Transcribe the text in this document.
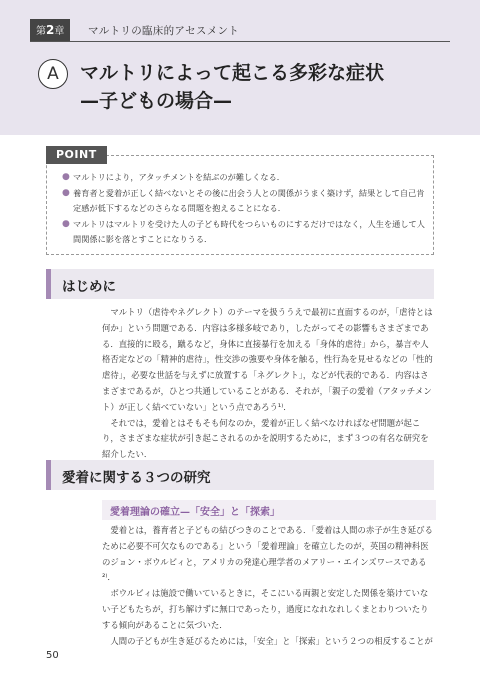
第2章	マルトリの臨床的アセスメント
A	マルトリによって起こる多彩な症状
—子どもの場合—
POINT
● マルトリにより，アタッチメントを結ぶのが難しくなる．
● 養育者と愛着が正しく結べないとその後に出会う人との関係がうまく築けず，結果として自己肯定感が低下するなどのさらなる問題を抱えることになる．
● マルトリはマルトリを受けた人の子ども時代をつらいものにするだけではなく，人生を通して人間関係に影を落とすことになりうる．
はじめに

マルトリ（虐待やネグレクト）のテーマを扱ううえで最初に直面するのが，「虐待とは何か」という問題である．内容は多様多岐であり，したがってその影響もさまざまである．直接的に殴る，蹴るなど，身体に直接暴行を加える「身体的虐待」から，暴言や人格否定などの「精神的虐待」，性交渉の強要や身体を触る，性行為を見せるなどの「性的虐待」，必要な世話を与えずに放置する「ネグレクト」，などが代表的である．内容はさまざまであるが，ひとつ共通していることがある．それが，「親子の愛着（アタッチメント）が正しく結べていない」という点であろう¹⁾．

それでは，愛着とはそもそも何なのか，愛着が正しく結べなければなぜ問題が起こり，さまざまな症状が引き起こされるのかを説明するために，まず３つの有名な研究を紹介したい．

愛着に関する３つの研究
愛着理論の確立—「安全」と「探索」

愛着とは，養育者と子どもの結びつきのことである．「愛着は人間の赤子が生き延びるために必要不可欠なものである」という「愛着理論」を確立したのが，英国の精神科医のジョン・ボウルビィと，アメリカの発達心理学者のメアリー・エインズワースである²⁾．

ボウルビィは施設で働いているときに，そこにいる両親と安定した関係を築けていない子どもたちが，打ち解けずに無口であったり，過度になれなれしくまとわりついたりする傾向があることに気づいた．

人間の子どもが生き延びるためには，「安全」と「探索」という２つの相反することが

50
